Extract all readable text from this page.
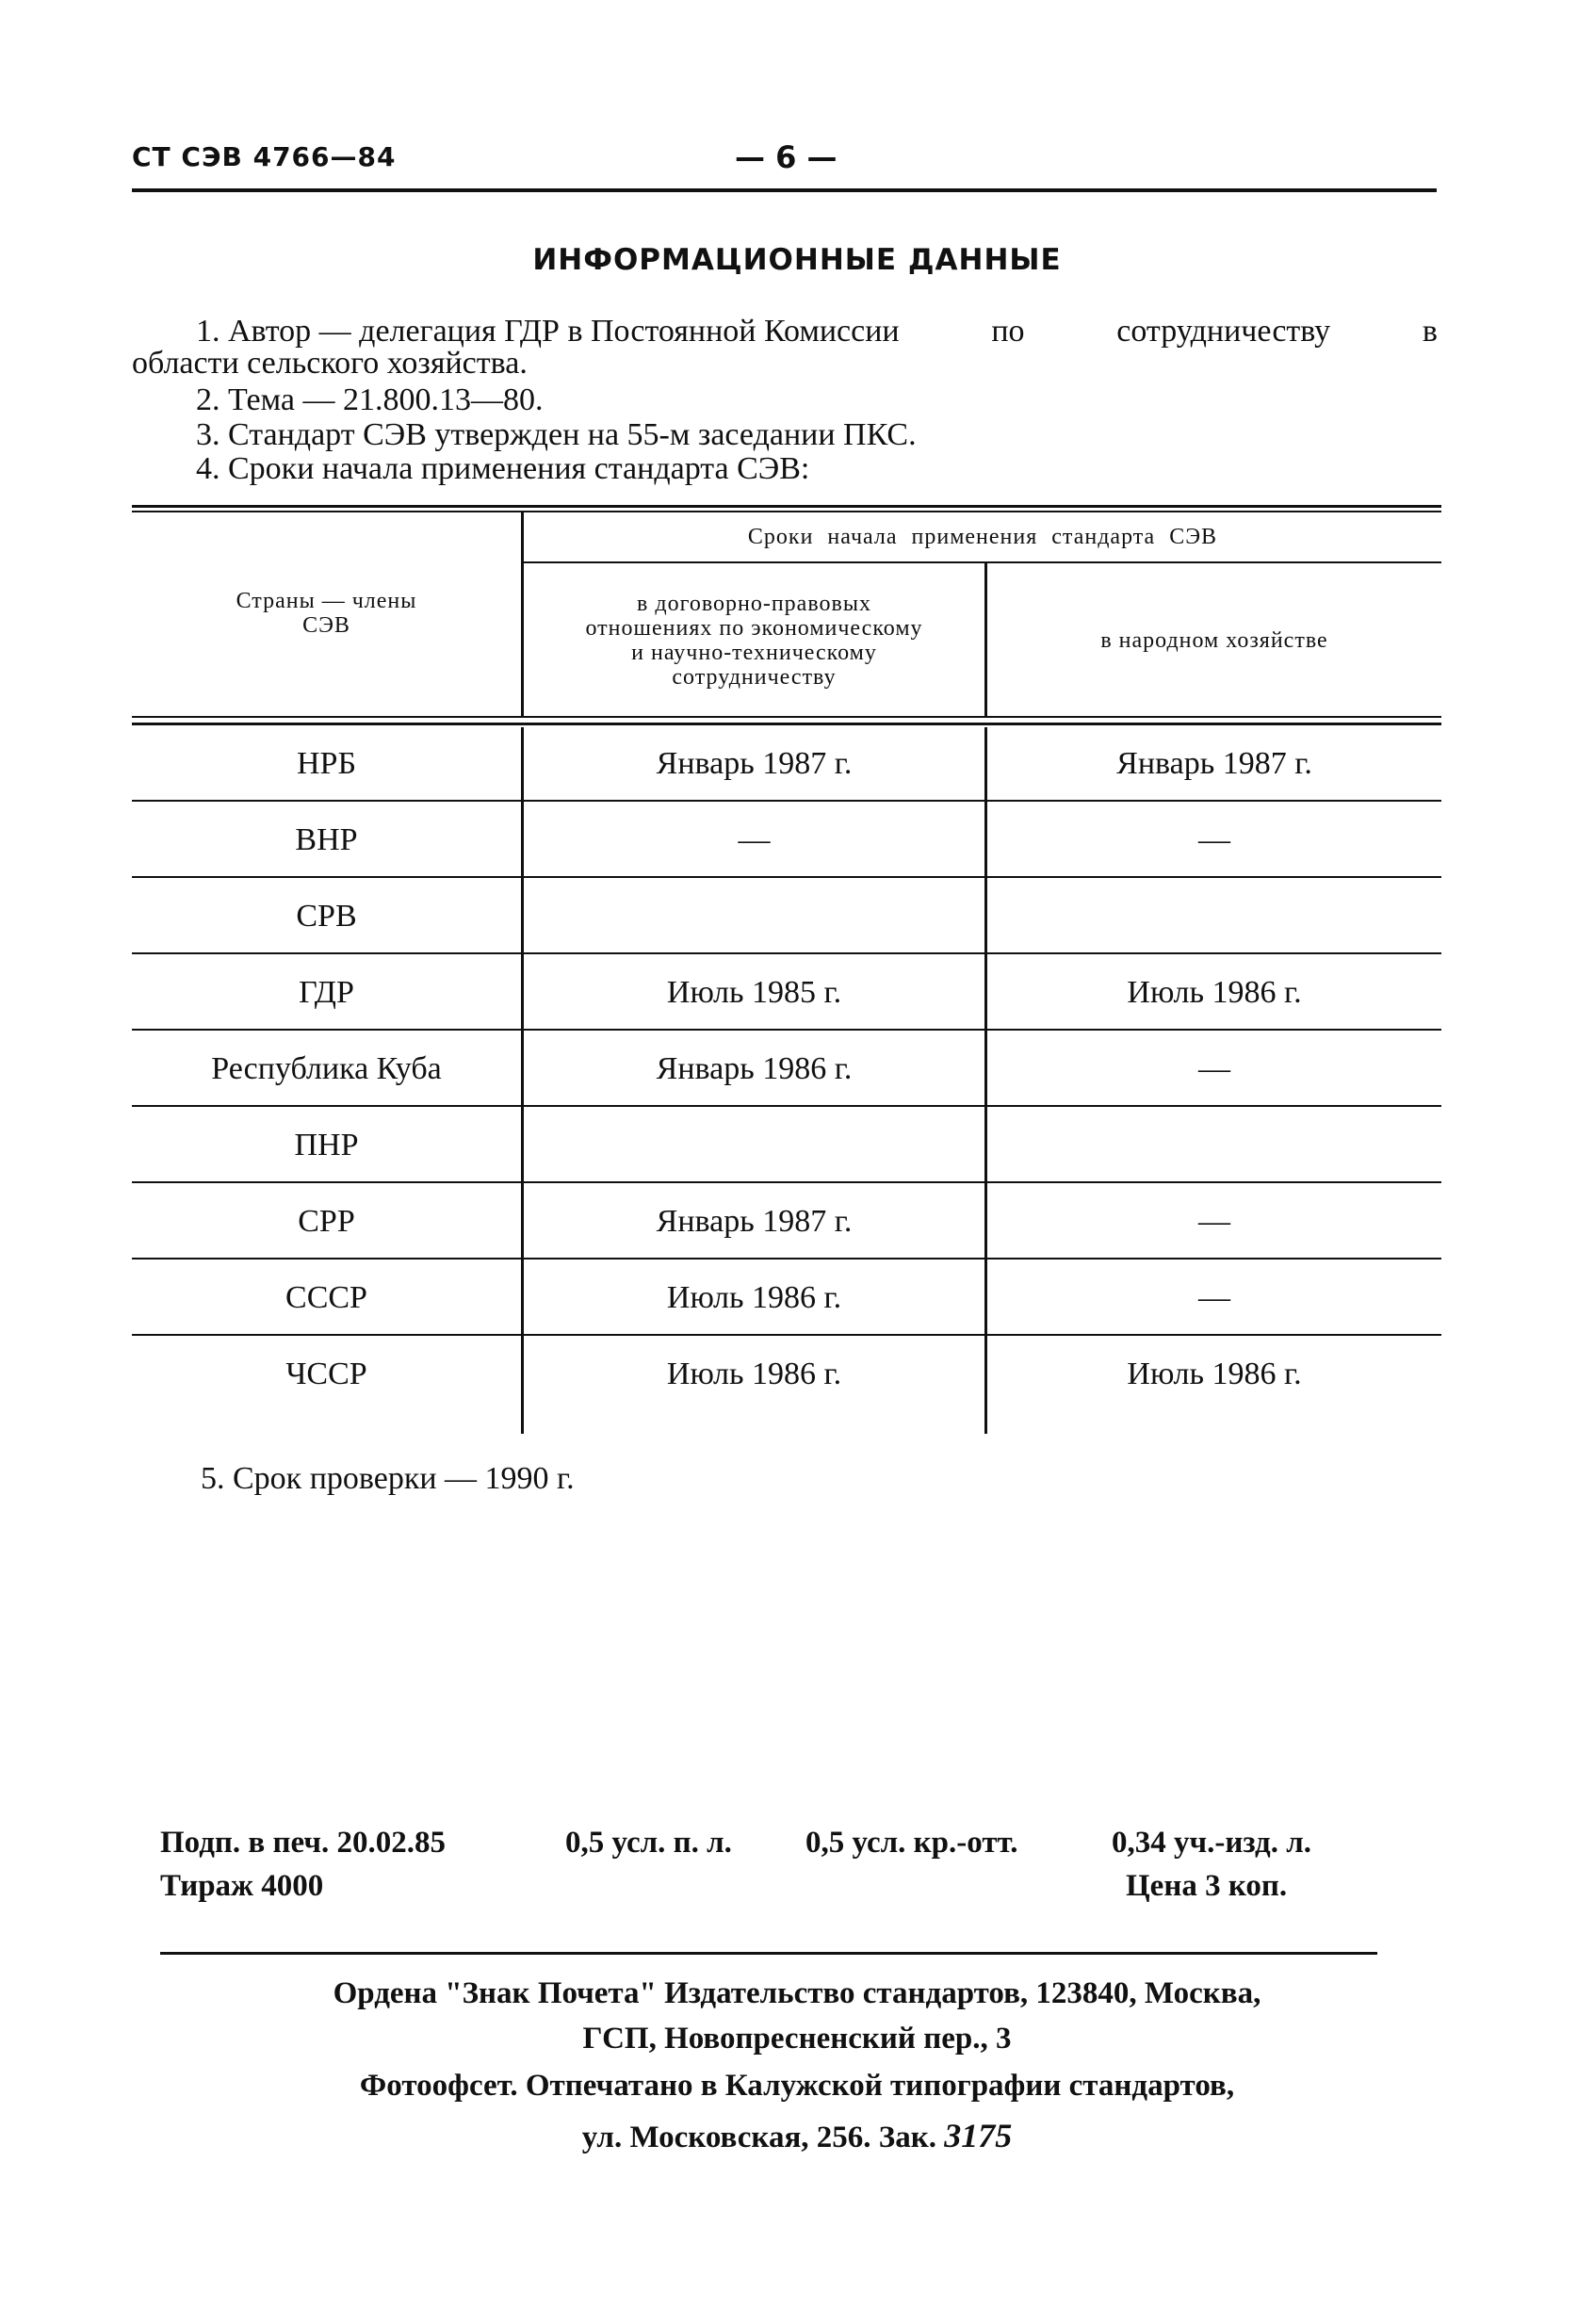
СТ СЭВ 4766—84	— 6 —
ИНФОРМАЦИОННЫЕ ДАННЫЕ
1. Автор — делегация ГДР в Постоянной Комиссии	по	сотрудничеству	в
области сельского хозяйства.
2. Тема — 21.800.13—80.
3. Стандарт СЭВ утвержден на 55-м заседании ПКС.
4. Сроки начала применения стандарта СЭВ:
Страны — члены СЭВ
Сроки начала применения стандарта СЭВ
в договорно-правовых отношениях по экономическому и научно-техническому сотрудничеству
в народном хозяйстве
НРБ	Январь 1987 г.	Январь 1987 г.
ВНР	—	—
СРВ
ГДР	Июль 1985 г.	Июль 1986 г.
Республика Куба	Январь 1986 г.	—
ПНР
СРР	Январь 1987 г.	—
СССР	Июль 1986 г.	—
ЧССР	Июль 1986 г.	Июль 1986 г.
5. Срок проверки — 1990 г.
Подп. в печ. 20.02.85	0,5 усл. п. л. 0,5 усл. кр.-отт.	0,34 уч.-изд. л.
Тираж 4000	Цена 3 коп.
Ордена "Знак Почета" Издательство стандартов, 123840, Москва,
ГСП, Новопресненский пер., 3
Фотоофсет. Отпечатано в Калужской типографии стандартов,
ул. Московская, 256. Зак. 3175
